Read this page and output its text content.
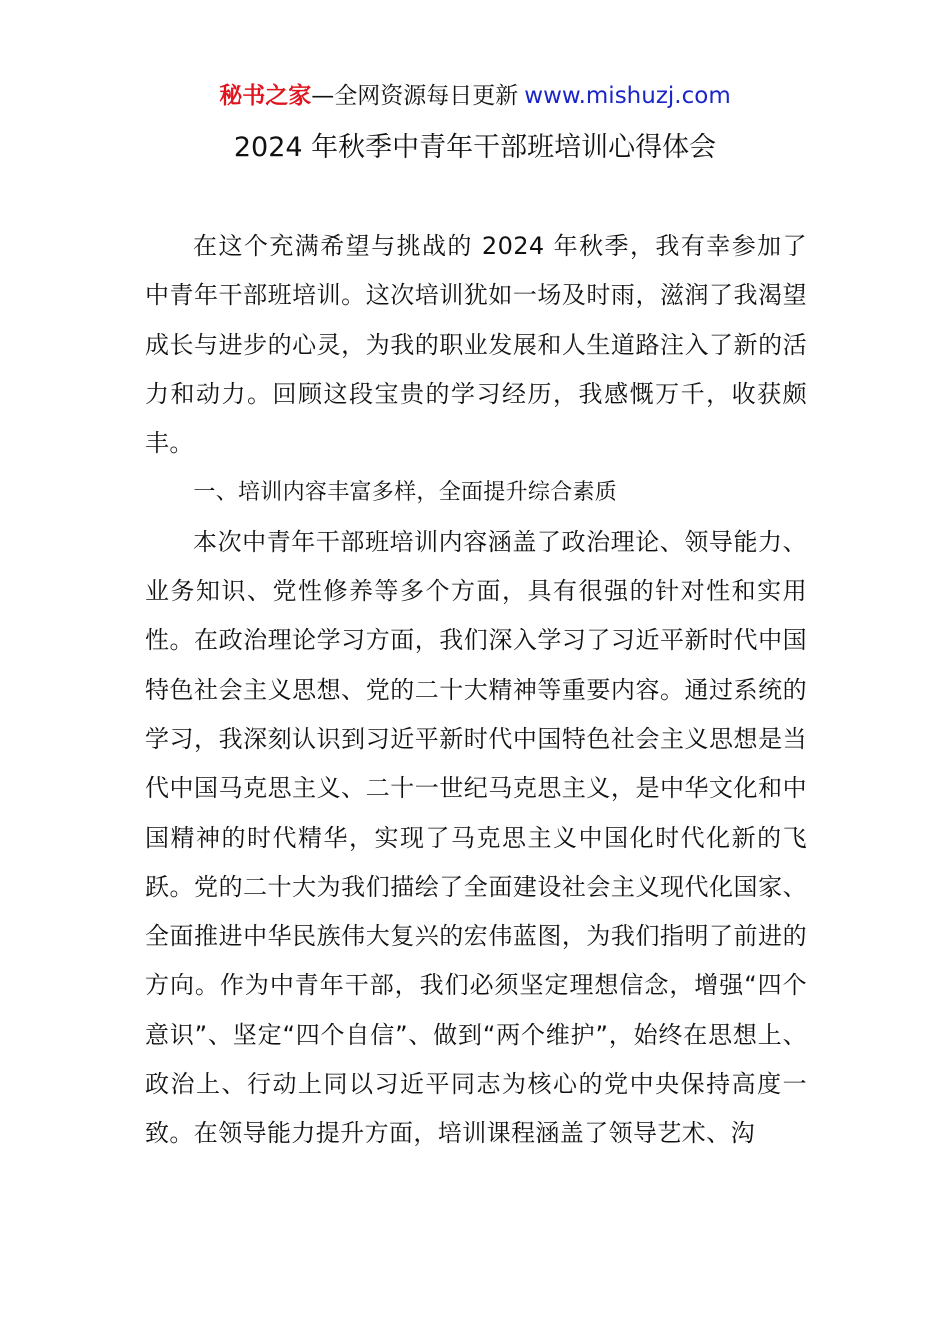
秘书之家—全网资源每日更新 www.mishuzj.com
2024 年秋季中青年干部班培训心得体会

在这个充满希望与挑战的 2024 年秋季，我有幸参加了中青年干部班培训。这次培训犹如一场及时雨，滋润了我渴望成长与进步的心灵，为我的职业发展和人生道路注入了新的活力和动力。回顾这段宝贵的学习经历，我感慨万千，收获颇丰。

一、培训内容丰富多样，全面提升综合素质

本次中青年干部班培训内容涵盖了政治理论、领导能力、业务知识、党性修养等多个方面，具有很强的针对性和实用性。在政治理论学习方面，我们深入学习了习近平新时代中国特色社会主义思想、党的二十大精神等重要内容。通过系统的学习，我深刻认识到习近平新时代中国特色社会主义思想是当代中国马克思主义、二十一世纪马克思主义，是中华文化和中国精神的时代精华，实现了马克思主义中国化时代化新的飞跃。党的二十大为我们描绘了全面建设社会主义现代化国家、全面推进中华民族伟大复兴的宏伟蓝图，为我们指明了前进的方向。作为中青年干部，我们必须坚定理想信念，增强“四个意识”、坚定“四个自信”、做到“两个维护”，始终在思想上、政治上、行动上同以习近平同志为核心的党中央保持高度一致。在领导能力提升方面，培训课程涵盖了领导艺术、沟
